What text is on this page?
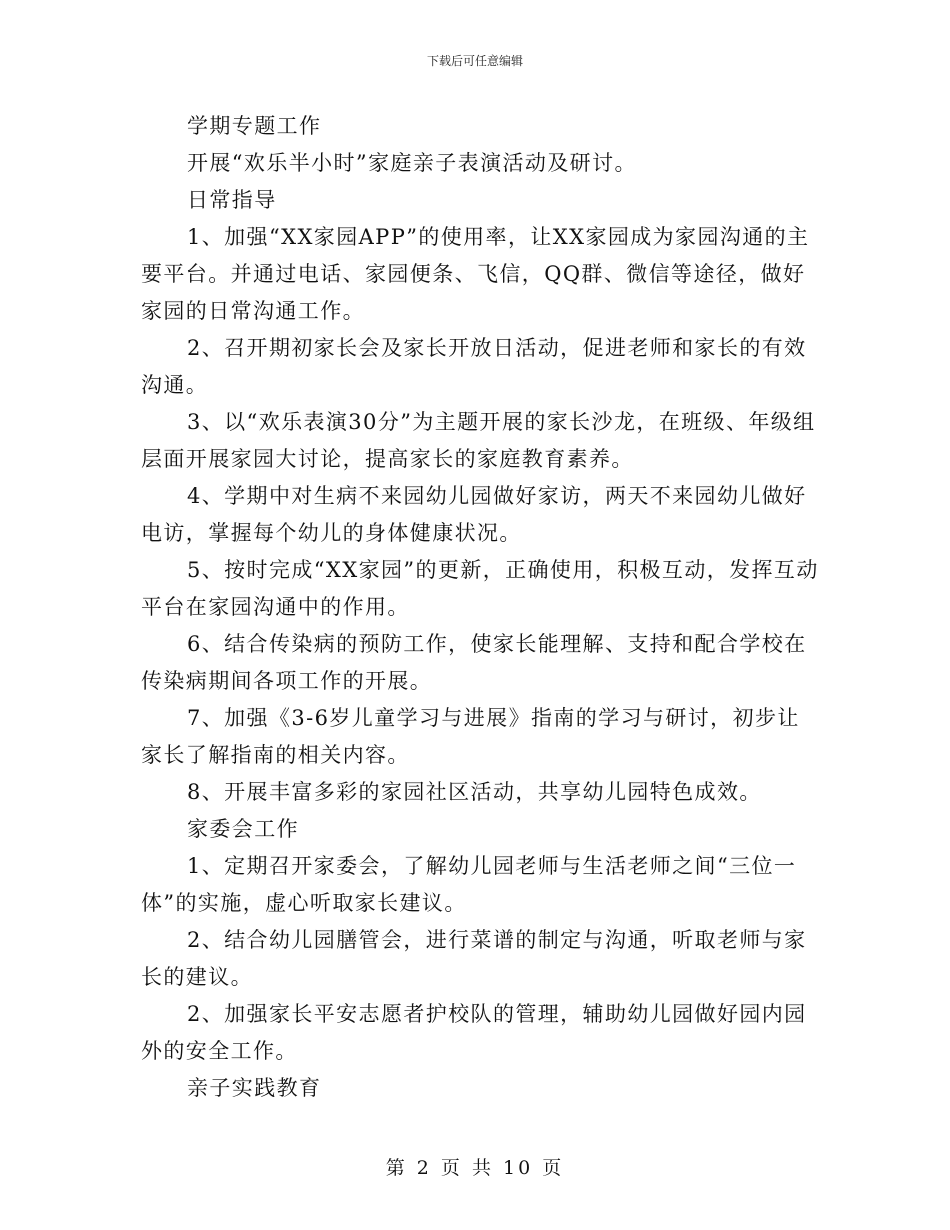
下载后可任意编辑

学期专题工作

开展“欢乐半小时”家庭亲子表演活动及研讨。

日常指导

1、加强“XX家园APP”的使用率，让XX家园成为家园沟通的主要平台。并通过电话、家园便条、飞信，QQ群、微信等途径，做好家园的日常沟通工作。

2、召开期初家长会及家长开放日活动，促进老师和家长的有效沟通。

3、以“欢乐表演30分”为主题开展的家长沙龙，在班级、年级组层面开展家园大讨论，提高家长的家庭教育素养。

4、学期中对生病不来园幼儿园做好家访，两天不来园幼儿做好电访，掌握每个幼儿的身体健康状况。

5、按时完成“XX家园”的更新，正确使用，积极互动，发挥互动平台在家园沟通中的作用。

6、结合传染病的预防工作，使家长能理解、支持和配合学校在传染病期间各项工作的开展。

7、加强《3-6岁儿童学习与进展》指南的学习与研讨，初步让家长了解指南的相关内容。

8、开展丰富多彩的家园社区活动，共享幼儿园特色成效。

家委会工作

1、定期召开家委会，了解幼儿园老师与生活老师之间“三位一体”的实施，虚心听取家长建议。

2、结合幼儿园膳管会，进行菜谱的制定与沟通，听取老师与家长的建议。

2、加强家长平安志愿者护校队的管理，辅助幼儿园做好园内园外的安全工作。

亲子实践教育

第 2 页 共 10 页
